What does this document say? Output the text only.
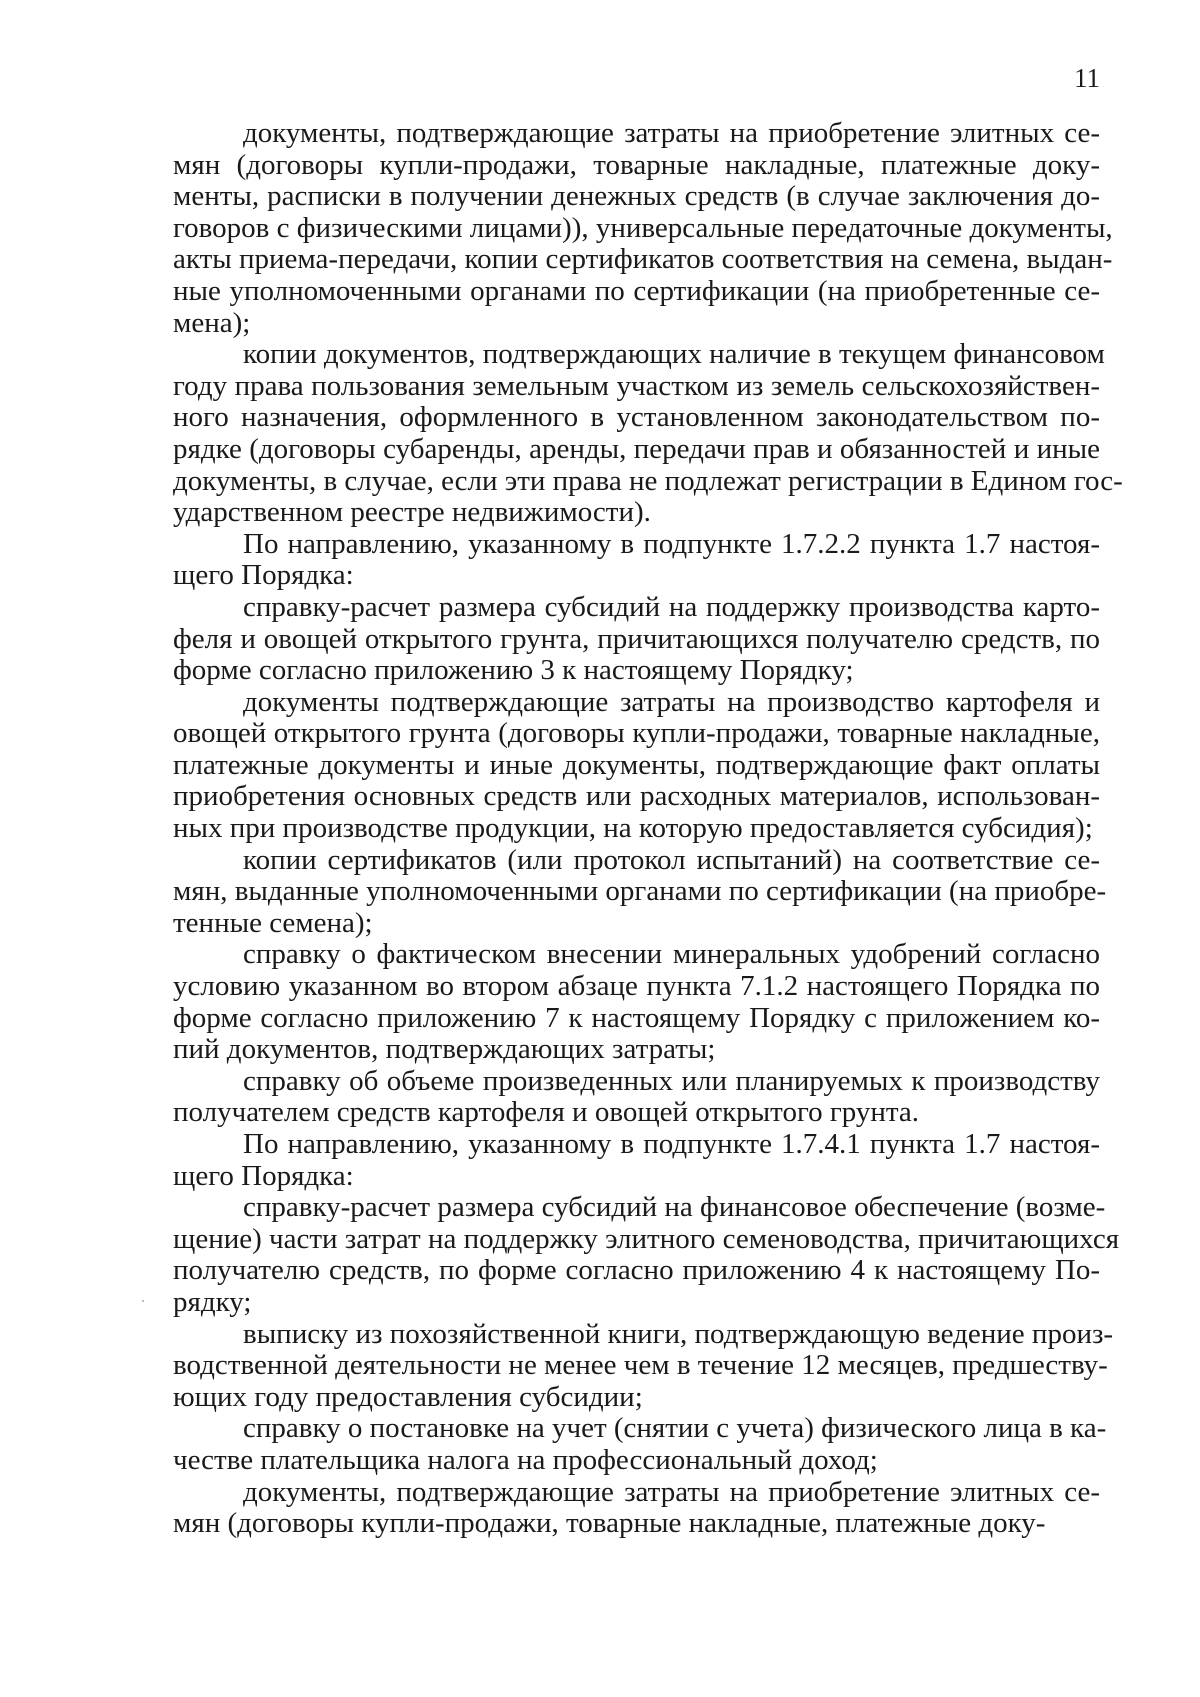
11
документы, подтверждающие затраты на приобретение элитных се-
мян (договоры купли-продажи, товарные накладные, платежные доку-
менты, расписки в получении денежных средств (в случае заключения до-
говоров с физическими лицами)), универсальные передаточные документы,
акты приема-передачи, копии сертификатов соответствия на семена, выдан-
ные уполномоченными органами по сертификации (на приобретенные се-
мена);
копии документов, подтверждающих наличие в текущем финансовом
году права пользования земельным участком из земель сельскохозяйствен-
ного назначения, оформленного в установленном законодательством по-
рядке (договоры субаренды, аренды, передачи прав и обязанностей и иные
документы, в случае, если эти права не подлежат регистрации в Едином гос-
ударственном реестре недвижимости).
По направлению, указанному в подпункте 1.7.2.2 пункта 1.7 настоя-
щего Порядка:
справку-расчет размера субсидий на поддержку производства карто-
феля и овощей открытого грунта, причитающихся получателю средств, по
форме согласно приложению 3 к настоящему Порядку;
документы подтверждающие затраты на производство картофеля и
овощей открытого грунта (договоры купли-продажи, товарные накладные,
платежные документы и иные документы, подтверждающие факт оплаты
приобретения основных средств или расходных материалов, использован-
ных при производстве продукции, на которую предоставляется субсидия);
копии сертификатов (или протокол испытаний) на соответствие се-
мян, выданные уполномоченными органами по сертификации (на приобре-
тенные семена);
справку о фактическом внесении минеральных удобрений согласно
условию указанном во втором абзаце пункта 7.1.2 настоящего Порядка по
форме согласно приложению 7 к настоящему Порядку с приложением ко-
пий документов, подтверждающих затраты;
справку об объеме произведенных или планируемых к производству
получателем средств картофеля и овощей открытого грунта.
По направлению, указанному в подпункте 1.7.4.1 пункта 1.7 настоя-
щего Порядка:
справку-расчет размера субсидий на финансовое обеспечение (возме-
щение) части затрат на поддержку элитного семеноводства, причитающихся
получателю средств, по форме согласно приложению 4 к настоящему По-
рядку;
выписку из похозяйственной книги, подтверждающую ведение произ-
водственной деятельности не менее чем в течение 12 месяцев, предшеству-
ющих году предоставления субсидии;
справку о постановке на учет (снятии с учета) физического лица в ка-
честве плательщика налога на профессиональный доход;
документы, подтверждающие затраты на приобретение элитных се-
мян (договоры купли-продажи, товарные накладные, платежные доку-
